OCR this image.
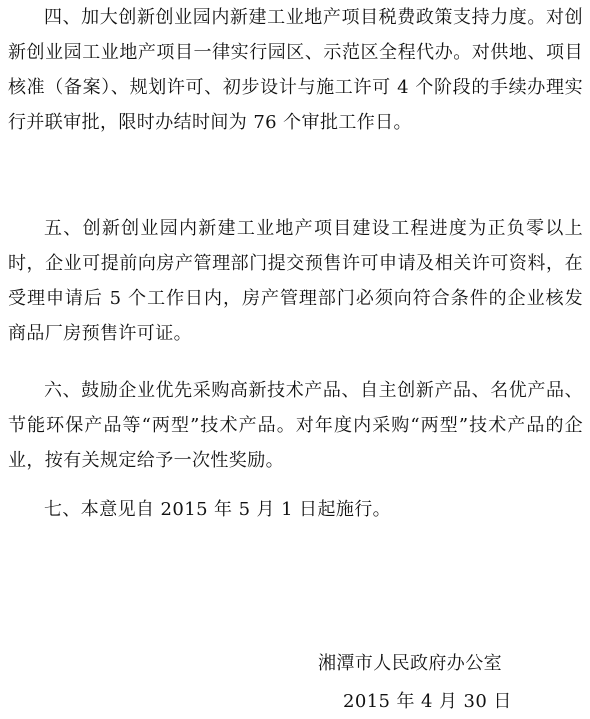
四、加大创新创业园内新建工业地产项目税费政策支持力度。对创新创业园工业地产项目一律实行园区、示范区全程代办。对供地、项目核准（备案）、规划许可、初步设计与施工许可 4 个阶段的手续办理实行并联审批，限时办结时间为 76 个审批工作日。

五、创新创业园内新建工业地产项目建设工程进度为正负零以上时，企业可提前向房产管理部门提交预售许可申请及相关许可资料，在受理申请后 5 个工作日内，房产管理部门必须向符合条件的企业核发商品厂房预售许可证。

六、鼓励企业优先采购高新技术产品、自主创新产品、名优产品、节能环保产品等“两型”技术产品。对年度内采购“两型”技术产品的企业，按有关规定给予一次性奖励。

七、本意见自 2015 年 5 月 1 日起施行。

湘潭市人民政府办公室
2015 年 4 月 30 日
